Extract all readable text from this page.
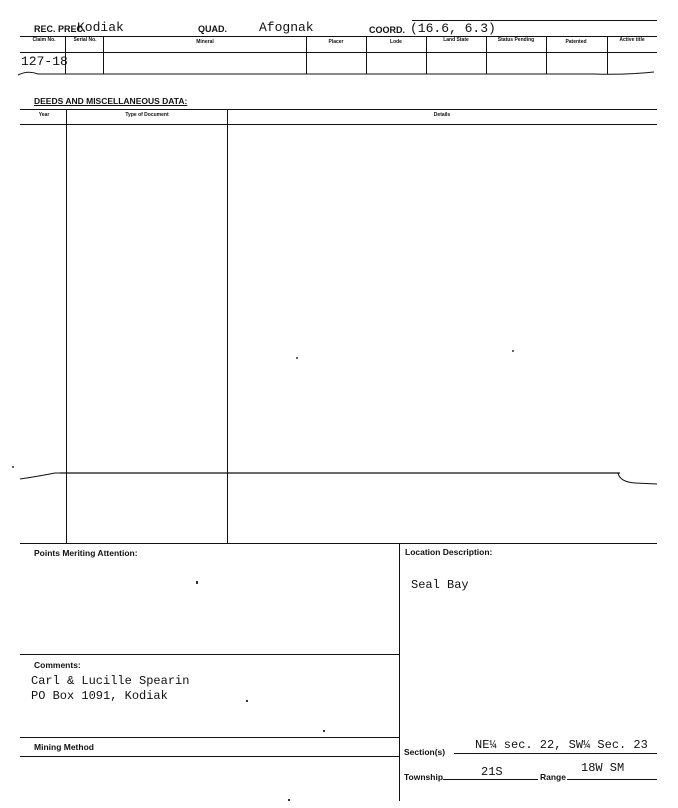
REC. PREC.
Kodiak	QUAD. Afognak	COORD. (16.6, 6.3)
Claim No.	Serial No.	Mineral	Placer	Lode	Land State	Status Pending	Patented	Active title
127-18
DEEDS AND MISCELLANEOUS DATA:
Year	Type of Document	Details
Points Meriting Attention:
Comments:
Carl & Lucille Spearin
PO Box 1091, Kodiak
Mining Method
Location Description:
Seal Bay
Section(s) NE¼ sec. 22, SW¼ Sec. 23
Township	21S	Range
18W SM
